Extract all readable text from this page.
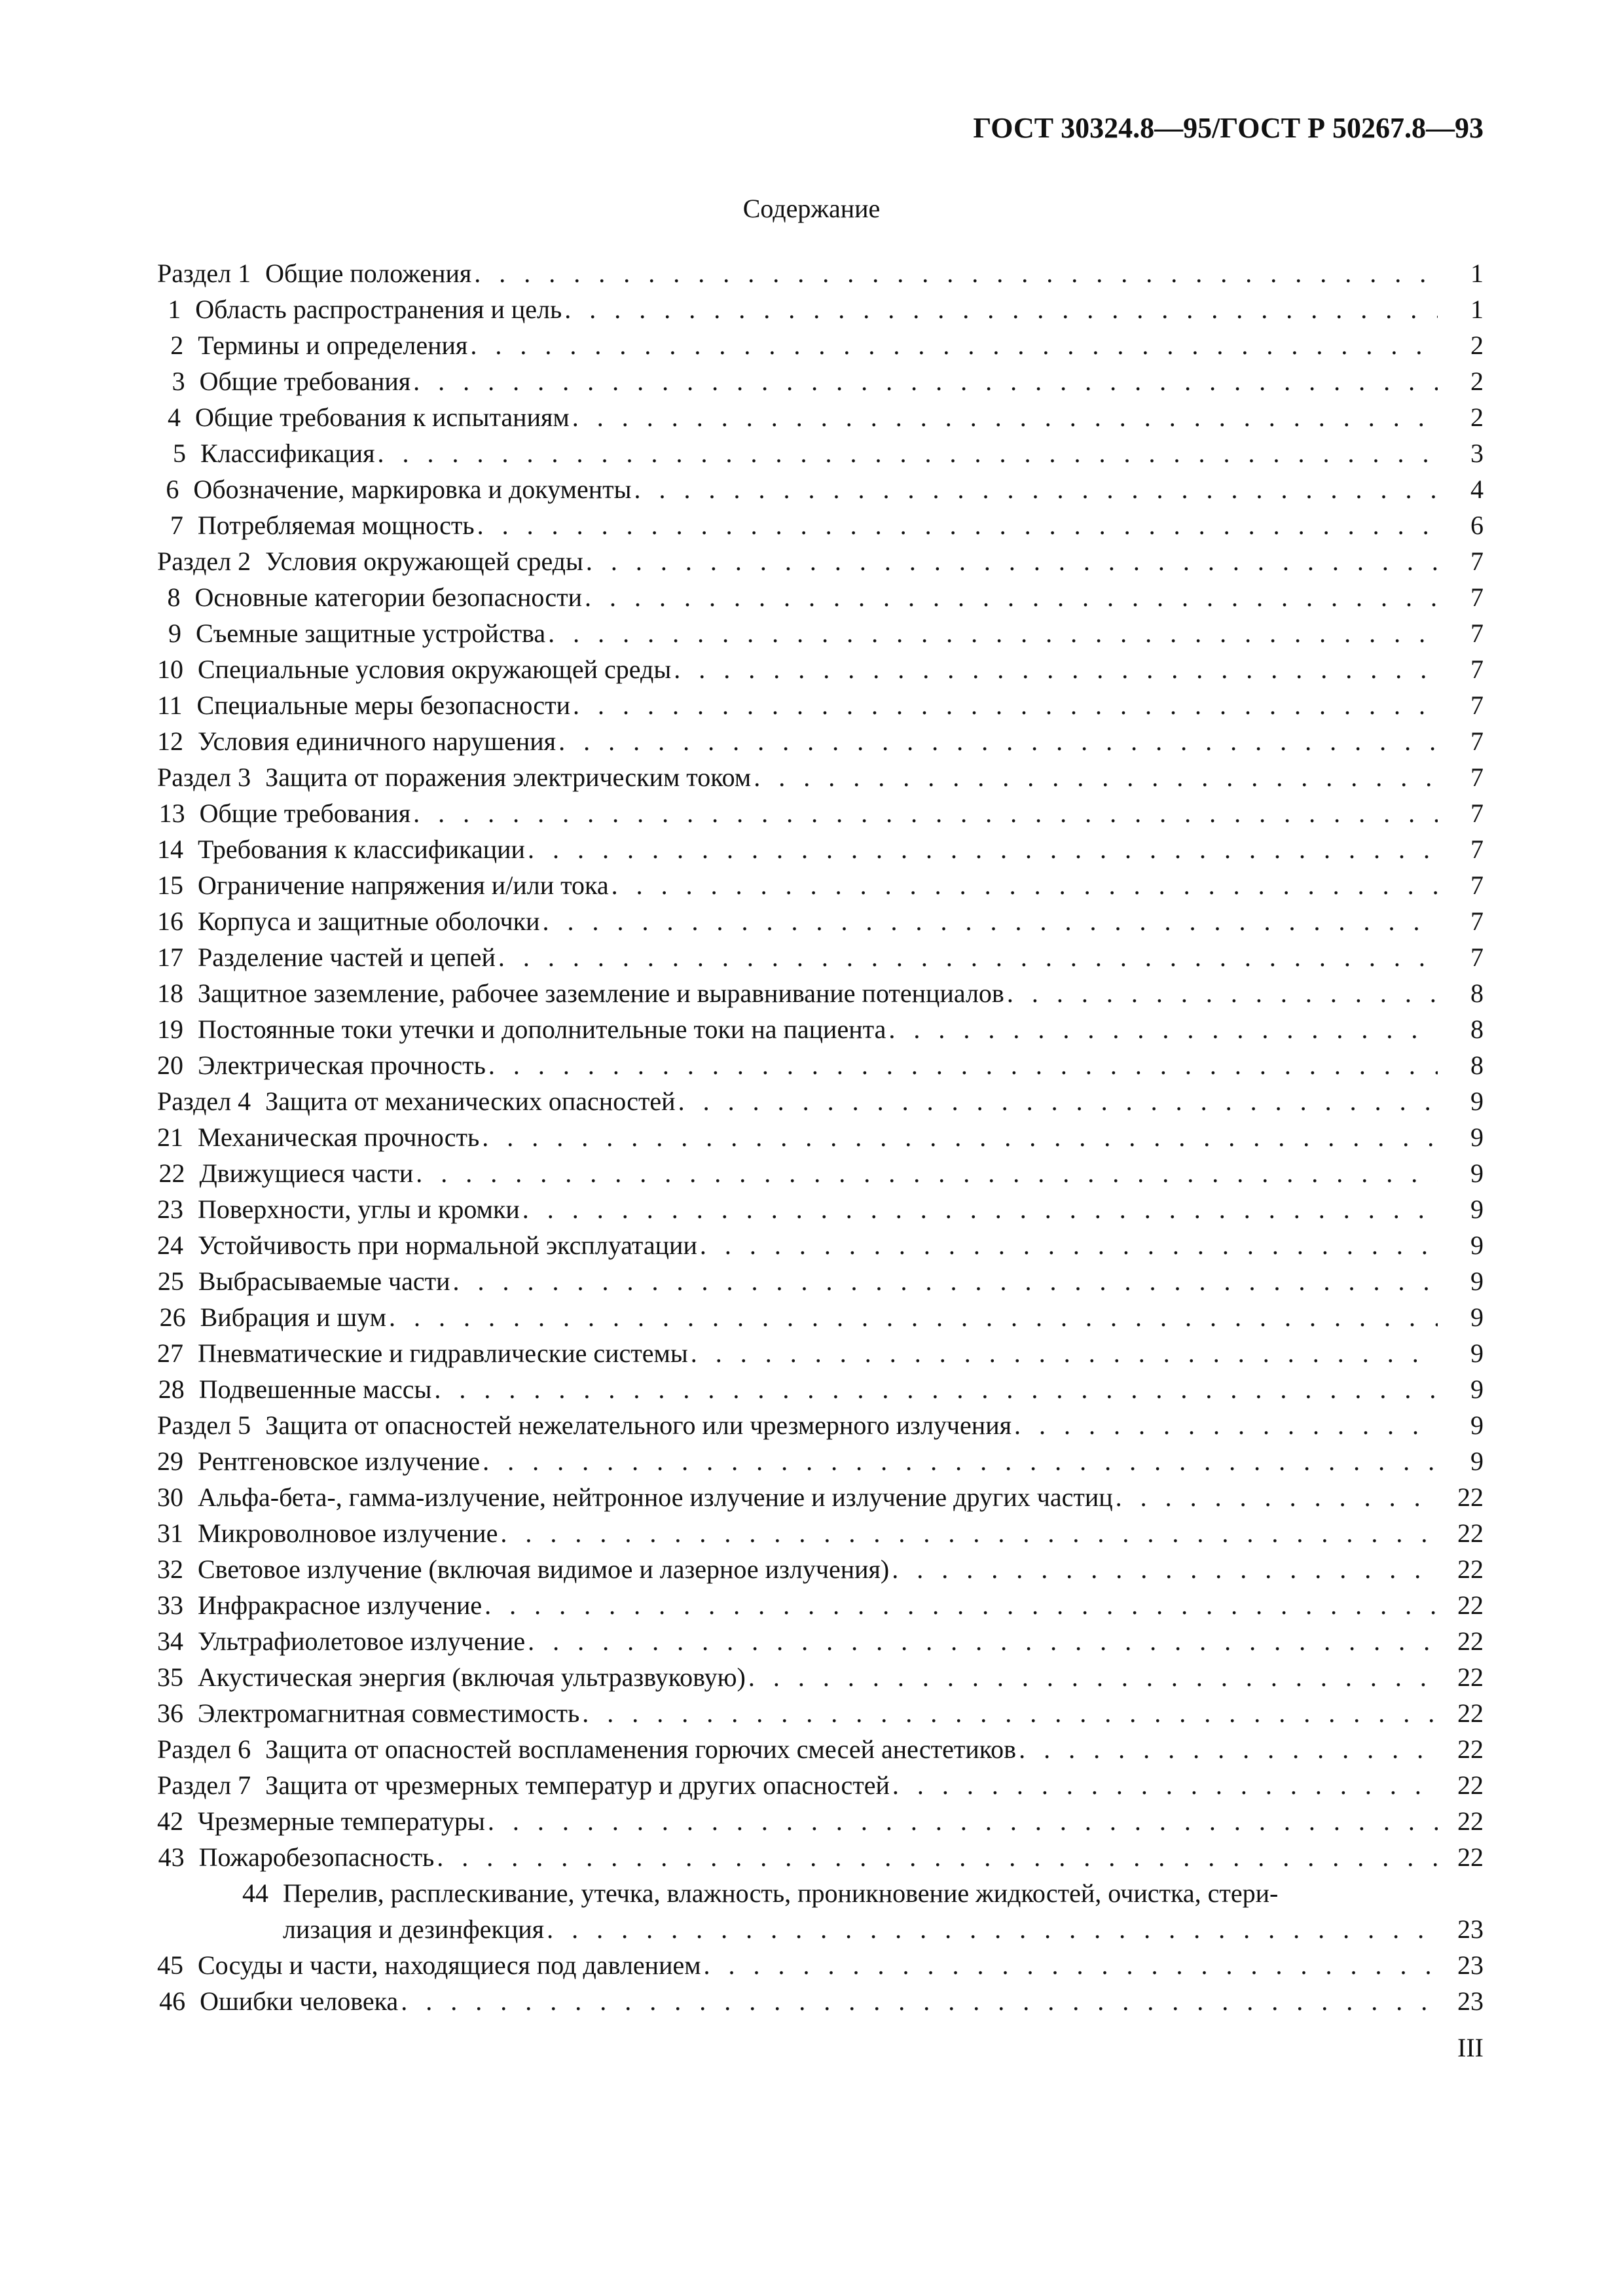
ГОСТ 30324.8—95/ГОСТ Р 50267.8—93
Содержание
Раздел 1 Общие положения . . .	1
1 Область распространения и цель . . .	1
2 Термины и определения . . .	2
3 Общие требования . . .	2
4 Общие требования к испытаниям . . .	2
5 Классификация . . .	3
6 Обозначение, маркировка и документы . . .	4
7 Потребляемая мощность . . .	6
Раздел 2 Условия окружающей среды . . .	7
8 Основные категории безопасности . . .	7
9 Съемные защитные устройства . . .	7
10 Специальные условия окружающей среды . . .	7
11 Специальные меры безопасности . . .	7
12 Условия единичного нарушения . . .	7
Раздел 3 Защита от поражения электрическим током . . .	7
13 Общие требования . . .	7
14 Требования к классификации . . .	7
15 Ограничение напряжения и/или тока . . .	7
16 Корпуса и защитные оболочки . . .	7
17 Разделение частей и цепей . . .	7
18 Защитное заземление, рабочее заземление и выравнивание потенциалов . . .	8
19 Постоянные токи утечки и дополнительные токи на пациента . . .	8
20 Электрическая прочность . . .	8
Раздел 4 Защита от механических опасностей . . .	9
21 Механическая прочность . . .	9
22 Движущиеся части . . .	9
23 Поверхности, углы и кромки . . .	9
24 Устойчивость при нормальной эксплуатации . . .	9
25 Выбрасываемые части . . .	9
26 Вибрация и шум . . .	9
27 Пневматические и гидравлические системы . . .	9
28 Подвешенные массы . . .	9
Раздел 5 Защита от опасностей нежелательного или чрезмерного излучения . . .	9
29 Рентгеновское излучение . . .	9
30 Альфа-бета-, гамма-излучение, нейтронное излучение и излучение других частиц . . .	22
31 Микроволновое излучение . . .	22
32 Световое излучение (включая видимое и лазерное излучения) . . .	22
33 Инфракрасное излучение . . .	22
34 Ультрафиолетовое излучение . . .	22
35 Акустическая энергия (включая ультразвуковую) . . .	22
36 Электромагнитная совместимость . . .	22
Раздел 6 Защита от опасностей воспламенения горючих смесей анестетиков . . .	22
Раздел 7 Защита от чрезмерных температур и других опасностей . . .	22
42 Чрезмерные температуры . . .	22
43 Пожаробезопасность . . .	22
44 Перелив, расплескивание, утечка, влажность, проникновение жидкостей, очистка, стери-
лизация и дезинфекция . . .	23
45 Сосуды и части, находящиеся под давлением . . .	23
46 Ошибки человека . . .	23
III
